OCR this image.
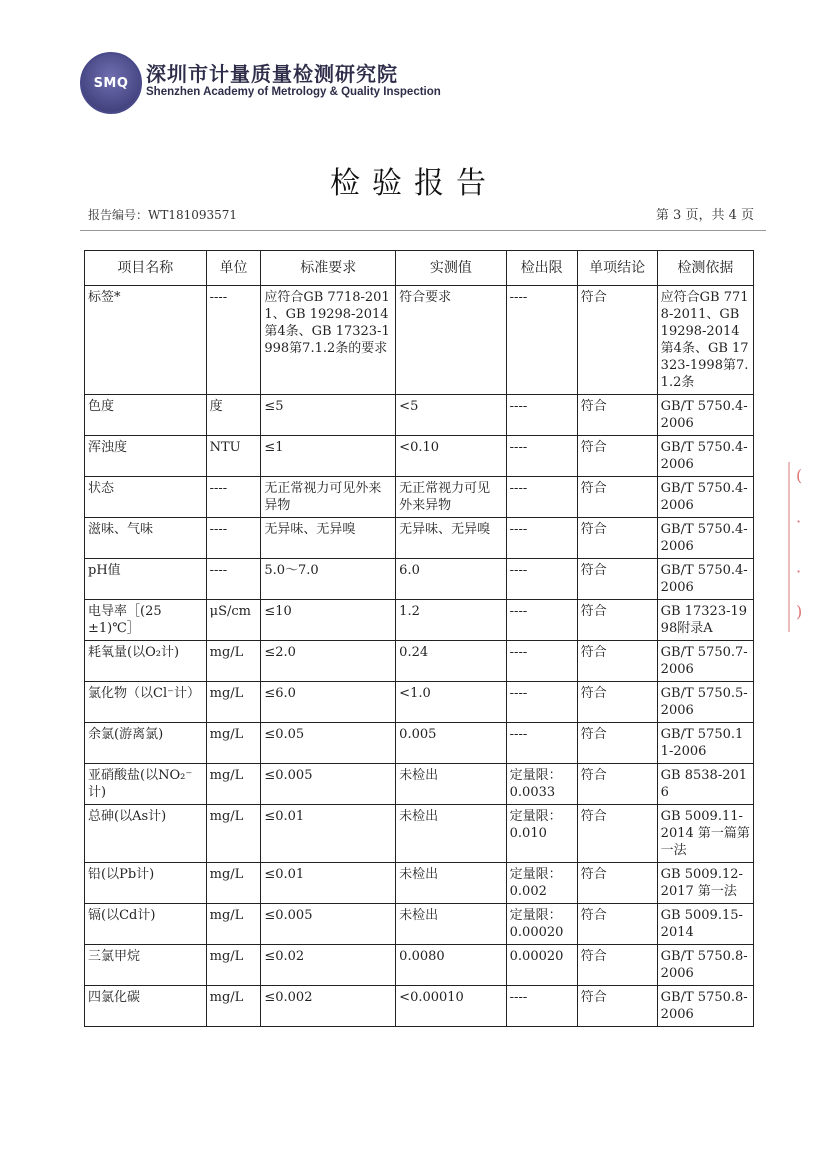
SMQ 深圳市计量质量检测研究院
Shenzhen Academy of Metrology & Quality Inspection
检验报告
报告编号：WT181093571	第 3 页，共 4 页
项目名称	单位	标准要求	实测值	检出限	单项结论	检测依据
标签*	----	应符合GB 7718-2011、GB 19298-2014第4条、GB 17323-1998第7.1.2条的要求	符合要求	----	符合	应符合GB 7718-2011、GB 19298-2014第4条、GB 17323-1998第7.1.2条
色度	度	≤5	<5	----	符合	GB/T 5750.4-2006
浑浊度	NTU	≤1	<0.10	----	符合	GB/T 5750.4-2006
状态	----	无正常视力可见外来异物	无正常视力可见外来异物	----	符合	GB/T 5750.4-2006
滋味、气味	----	无异味、无异嗅	无异味、无异嗅	----	符合	GB/T 5750.4-2006
pH值	----	5.0～7.0	6.0	----	符合	GB/T 5750.4-2006
电导率［(25±1)℃］	μS/cm	≤10	1.2	----	符合	GB 17323-1998附录A
耗氧量(以O₂计)	mg/L	≤2.0	0.24	----	符合	GB/T 5750.7-2006
氯化物（以Cl⁻计）	mg/L	≤6.0	<1.0	----	符合	GB/T 5750.5-2006
余氯(游离氯)	mg/L	≤0.05	0.005	----	符合	GB/T 5750.11-2006
亚硝酸盐(以NO₂⁻计)	mg/L	≤0.005	未检出	定量限：0.0033	符合	GB 8538-2016
总砷(以As计)	mg/L	≤0.01	未检出	定量限：0.010	符合	GB 5009.11-2014 第一篇第一法
铅(以Pb计)	mg/L	≤0.01	未检出	定量限：0.002	符合	GB 5009.12-2017 第一法
镉(以Cd计)	mg/L	≤0.005	未检出	定量限：0.00020	符合	GB 5009.15-2014
三氯甲烷	mg/L	≤0.02	0.0080	0.00020	符合	GB/T 5750.8-2006
四氯化碳	mg/L	≤0.002	<0.00010	----	符合	GB/T 5750.8-2006
(
·
·
)
